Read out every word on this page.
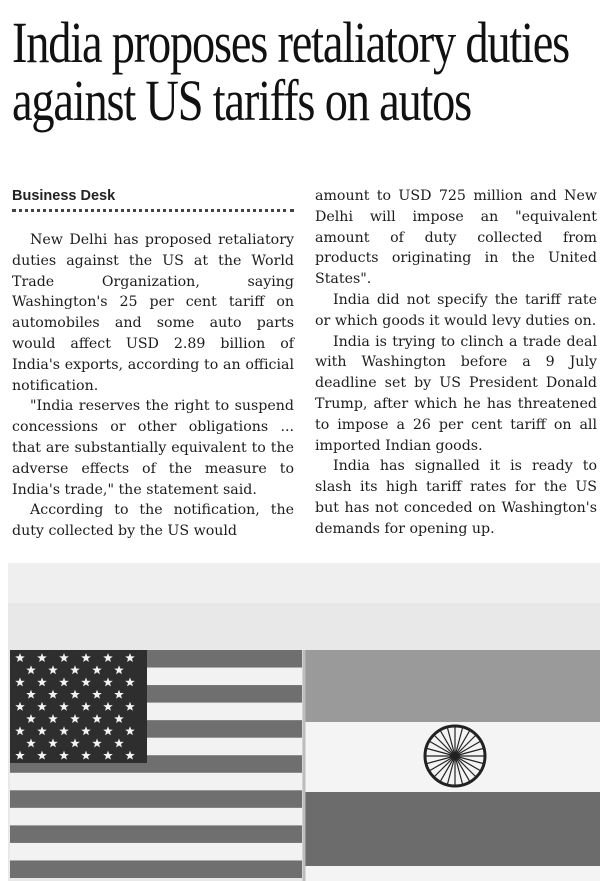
India proposes retaliatory duties
against US tariffs on autos
Business Desk

New Delhi has proposed retaliatory duties against the US at the World Trade Organization, saying Washington's 25 per cent tariff on automobiles and some auto parts would affect USD 2.89 billion of India's exports, according to an official notification.

"India reserves the right to suspend concessions or other obligations ... that are substantially equivalent to the adverse effects of the measure to India's trade," the statement said.

According to the notification, the duty collected by the US would

amount to USD 725 million and New Delhi will impose an "equivalent amount of duty collected from products originating in the United States".

India did not specify the tariff rate or which goods it would levy duties on.

India is trying to clinch a trade deal with Washington before a 9 July deadline set by US President Donald Trump, after which he has threatened to impose a 26 per cent tariff on all imported Indian goods.

India has signalled it is ready to slash its high tariff rates for the US but has not conceded on Washington's demands for opening up.
